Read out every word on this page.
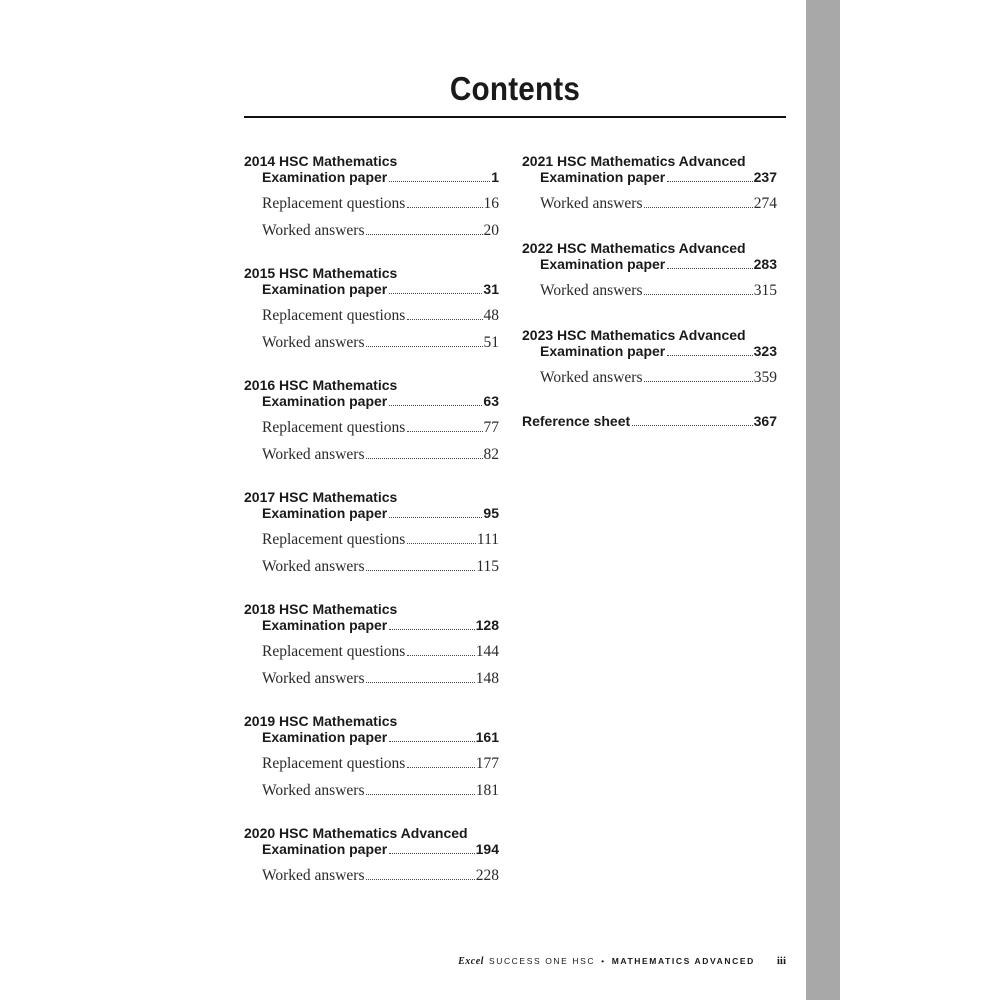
Contents
2014 HSC Mathematics
Examination paper	1
Replacement questions	16
Worked answers	20
2015 HSC Mathematics
Examination paper	31
Replacement questions	48
Worked answers	51
2016 HSC Mathematics
Examination paper	63
Replacement questions	77
Worked answers	82
2017 HSC Mathematics
Examination paper	95
Replacement questions	111
Worked answers	115
2018 HSC Mathematics
Examination paper	128
Replacement questions	144
Worked answers	148
2019 HSC Mathematics
Examination paper	161
Replacement questions	177
Worked answers	181
2020 HSC Mathematics Advanced
Examination paper	194
Worked answers	228
2021 HSC Mathematics Advanced
Examination paper	237
Worked answers	274
2022 HSC Mathematics Advanced
Examination paper	283
Worked answers	315
2023 HSC Mathematics Advanced
Examination paper	323
Worked answers	359
Reference sheet	367
Excel SUCCESS ONE HSC • MATHEMATICS ADVANCED iii
